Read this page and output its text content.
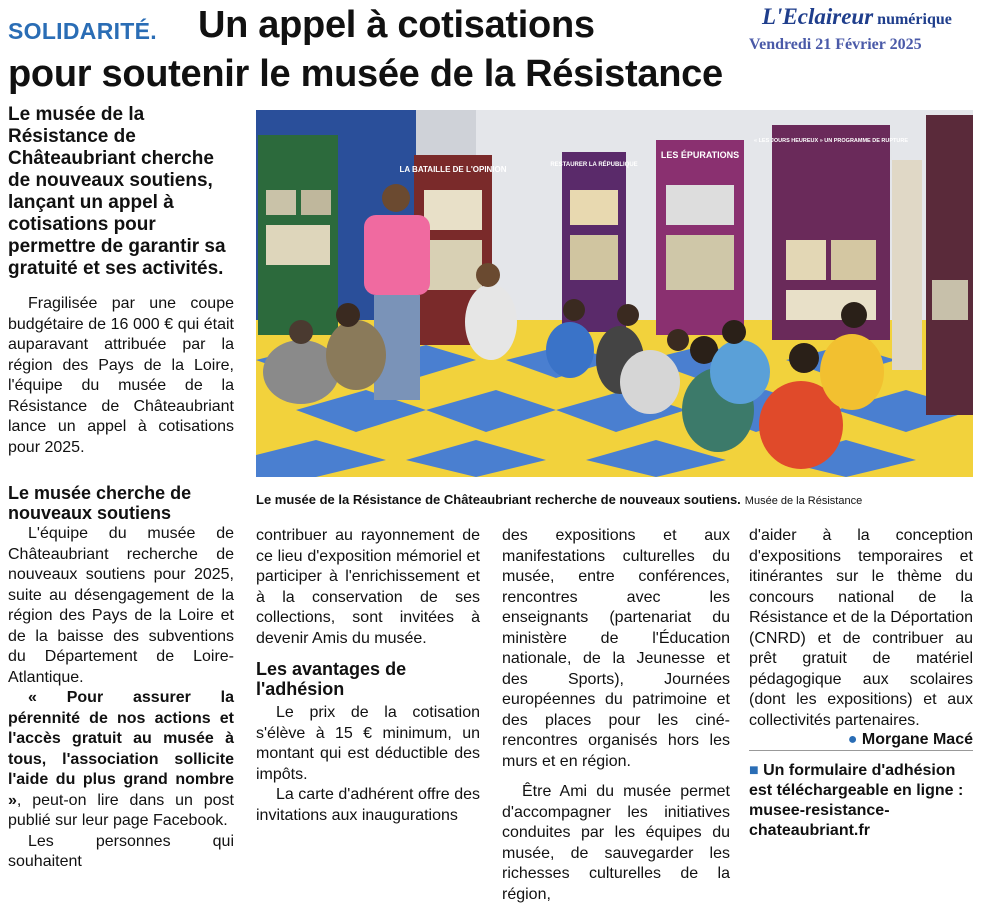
SOLIDARITÉ. Un appel à cotisations
pour soutenir le musée de la Résistance
L'Eclaireur numérique
Vendredi 21 Février 2025

Le musée de la Résistance de Châteaubriant cherche de nouveaux soutiens, lançant un appel à cotisations pour permettre de garantir sa gratuité et ses activités.

Fragilisée par une coupe budgétaire de 16 000 € qui était auparavant attribuée par la région des Pays de la Loire, l'équipe du musée de la Résistance de Châteaubriant lance un appel à cotisations pour 2025.

Le musée cherche de nouveaux soutiens

L'équipe du musée de Châteaubriant recherche de nouveaux soutiens pour 2025, suite au désengagement de la région des Pays de la Loire et de la baisse des subventions du Département de Loire-Atlantique.

« Pour assurer la pérennité de nos actions et l'accès gratuit au musée à tous, l'association sollicite l'aide du plus grand nombre », peut-on lire dans un post publié sur leur page Facebook.

Les personnes qui souhaitent

LA BATAILLE DE L'OPINION	RESTAURER LA RÉPUBLIQUE
LES ÉPURATIONS
« LES JOURS HEUREUX » UN PROGRAMME DE RUPTURE
Le musée de la Résistance de Châteaubriant recherche de nouveaux soutiens. Musée de la Résistance

contribuer au rayonnement de ce lieu d'exposition mémoriel et participer à l'enrichissement et à la conservation de ses collections, sont invitées à devenir Amis du musée.

Les avantages de l'adhésion

Le prix de la cotisation s'élève à 15 € minimum, un montant qui est déductible des impôts.

La carte d'adhérent offre des invitations aux inaugurations

des expositions et aux manifestations culturelles du musée, entre conférences, rencontres avec les enseignants (partenariat du ministère de l'Éducation nationale, de la Jeunesse et des Sports), Journées européennes du patrimoine et des places pour les ciné-rencontres organisés hors les murs et en région.

Être Ami du musée permet d'accompagner les initiatives conduites par les équipes du musée, de sauvegarder les richesses culturelles de la région,

d'aider à la conception d'expositions temporaires et itinérantes sur le thème du concours national de la Résistance et de la Déportation (CNRD) et de contribuer au prêt gratuit de matériel pédagogique aux scolaires (dont les expositions) et aux collectivités partenaires.

● Morgane Macé

■ Un formulaire d'adhésion est téléchargeable en ligne : musee-resistance-chateaubriant.fr
